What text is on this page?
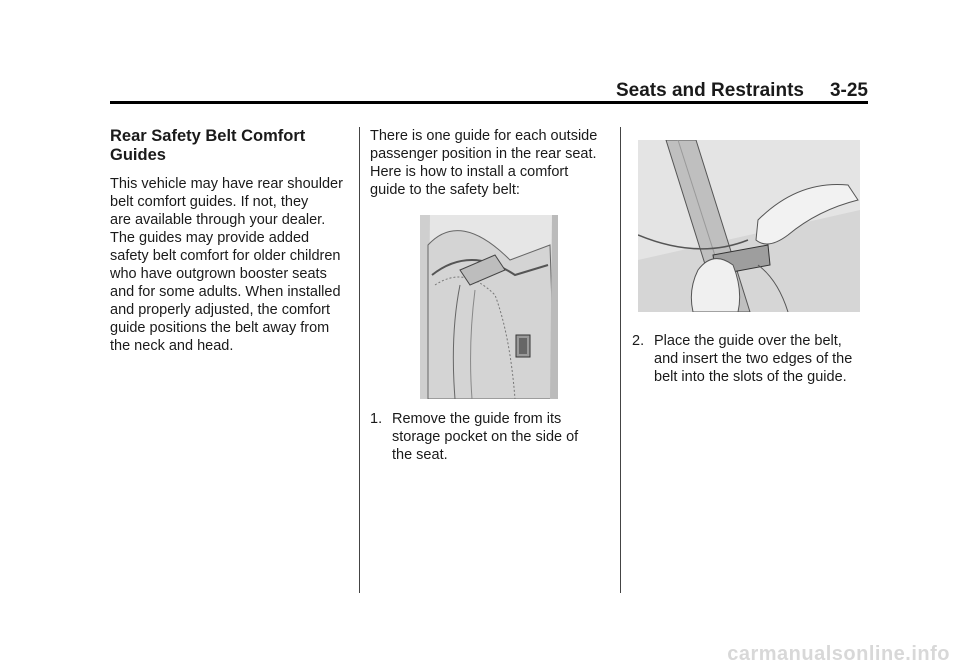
Seats and Restraints 3-25
Rear Safety Belt Comfort Guides

This vehicle may have rear shoulder
belt comfort guides. If not, they
are available through your dealer.
The guides may provide added
safety belt comfort for older children
who have outgrown booster seats
and for some adults. When installed
and properly adjusted, the comfort
guide positions the belt away from
the neck and head.

There is one guide for each outside
passenger position in the rear seat.
Here is how to install a comfort
guide to the safety belt:

1. Remove the guide from its
storage pocket on the side of
the seat.

2. Place the guide over the belt,
and insert the two edges of the
belt into the slots of the guide.

carmanualsonline.info
